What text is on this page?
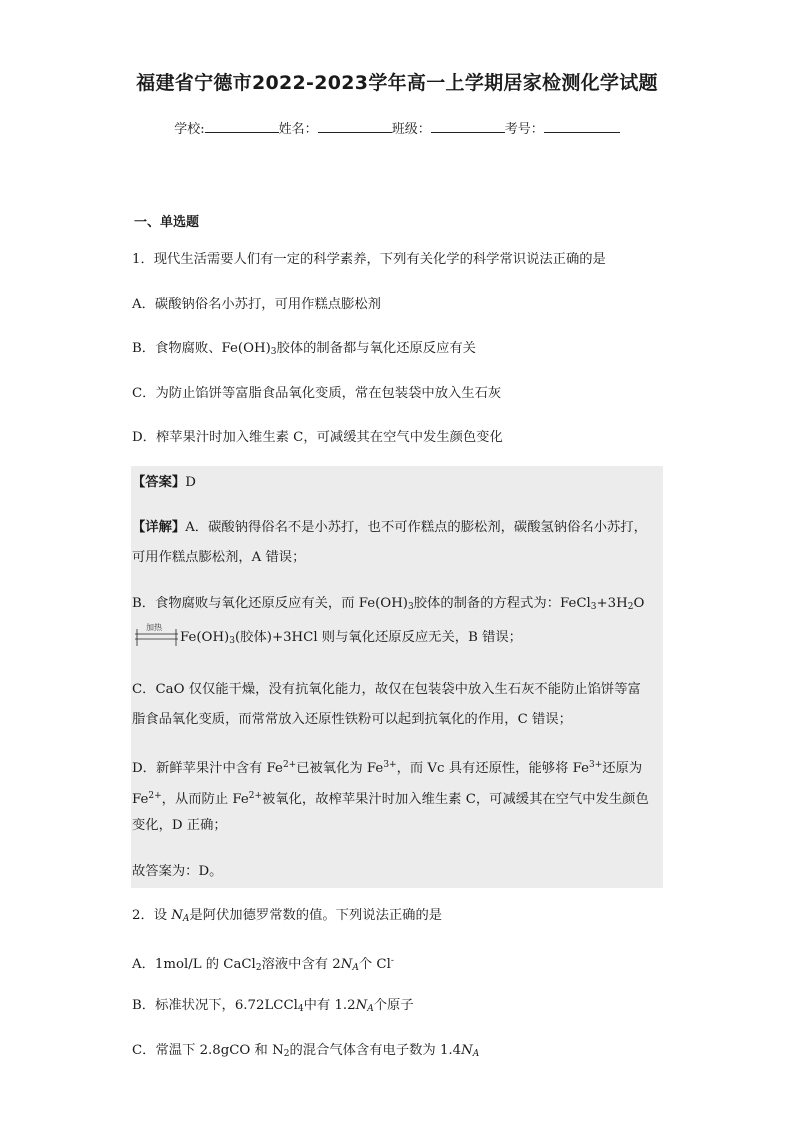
福建省宁德市2022-2023学年高一上学期居家检测化学试题
学校:	姓名：	班级：	考号：
一、单选题
1．现代生活需要人们有一定的科学素养，下列有关化学的科学常识说法正确的是
A．碳酸钠俗名小苏打，可用作糕点膨松剂
B．食物腐败、$Fe(OH)_3$胶体的制备都与氧化还原反应有关
C．为防止馅饼等富脂食品氧化变质，常在包装袋中放入生石灰
D．榨苹果汁时加入维生素 C，可减缓其在空气中发生颜色变化
【答案】D
【详解】A．碳酸钠得俗名不是小苏打，也不可作糕点的膨松剂，碳酸氢钠俗名小苏打，
可用作糕点膨松剂，A 错误；
B．食物腐败与氧化还原反应有关，而 $Fe(OH)_3$胶体的制备的方程式为：$FeCl_3+3H_2O$
加热
$Fe(OH)_3$(胶体)+3HCl 则与氧化还原反应无关，B 错误；
C．CaO 仅仅能干燥，没有抗氧化能力，故仅在包装袋中放入生石灰不能防止馅饼等富
脂食品氧化变质，而常常放入还原性铁粉可以起到抗氧化的作用，C 错误；
D．新鲜苹果汁中含有 $Fe^{2+}$已被氧化为 $Fe^{3+}$，而 Vc 具有还原性，能够将 $Fe^{3+}$还原为
$Fe^{2+}$，从而防止 $Fe^{2+}$被氧化，故榨苹果汁时加入维生素 C，可减缓其在空气中发生颜色
变化，D 正确；
故答案为：D。
2．设 $N_A$是阿伏加德罗常数的值。下列说法正确的是
A．1mol/L 的 CaCl$_2$溶液中含有 $2N_A$个 Cl-
B．标准状况下，6.72LCCl$_4$中有 $1.2N_A$个原子
C．常温下 2.8gCO 和 $N_2$的混合气体含有电子数为 $1.4N_A$
